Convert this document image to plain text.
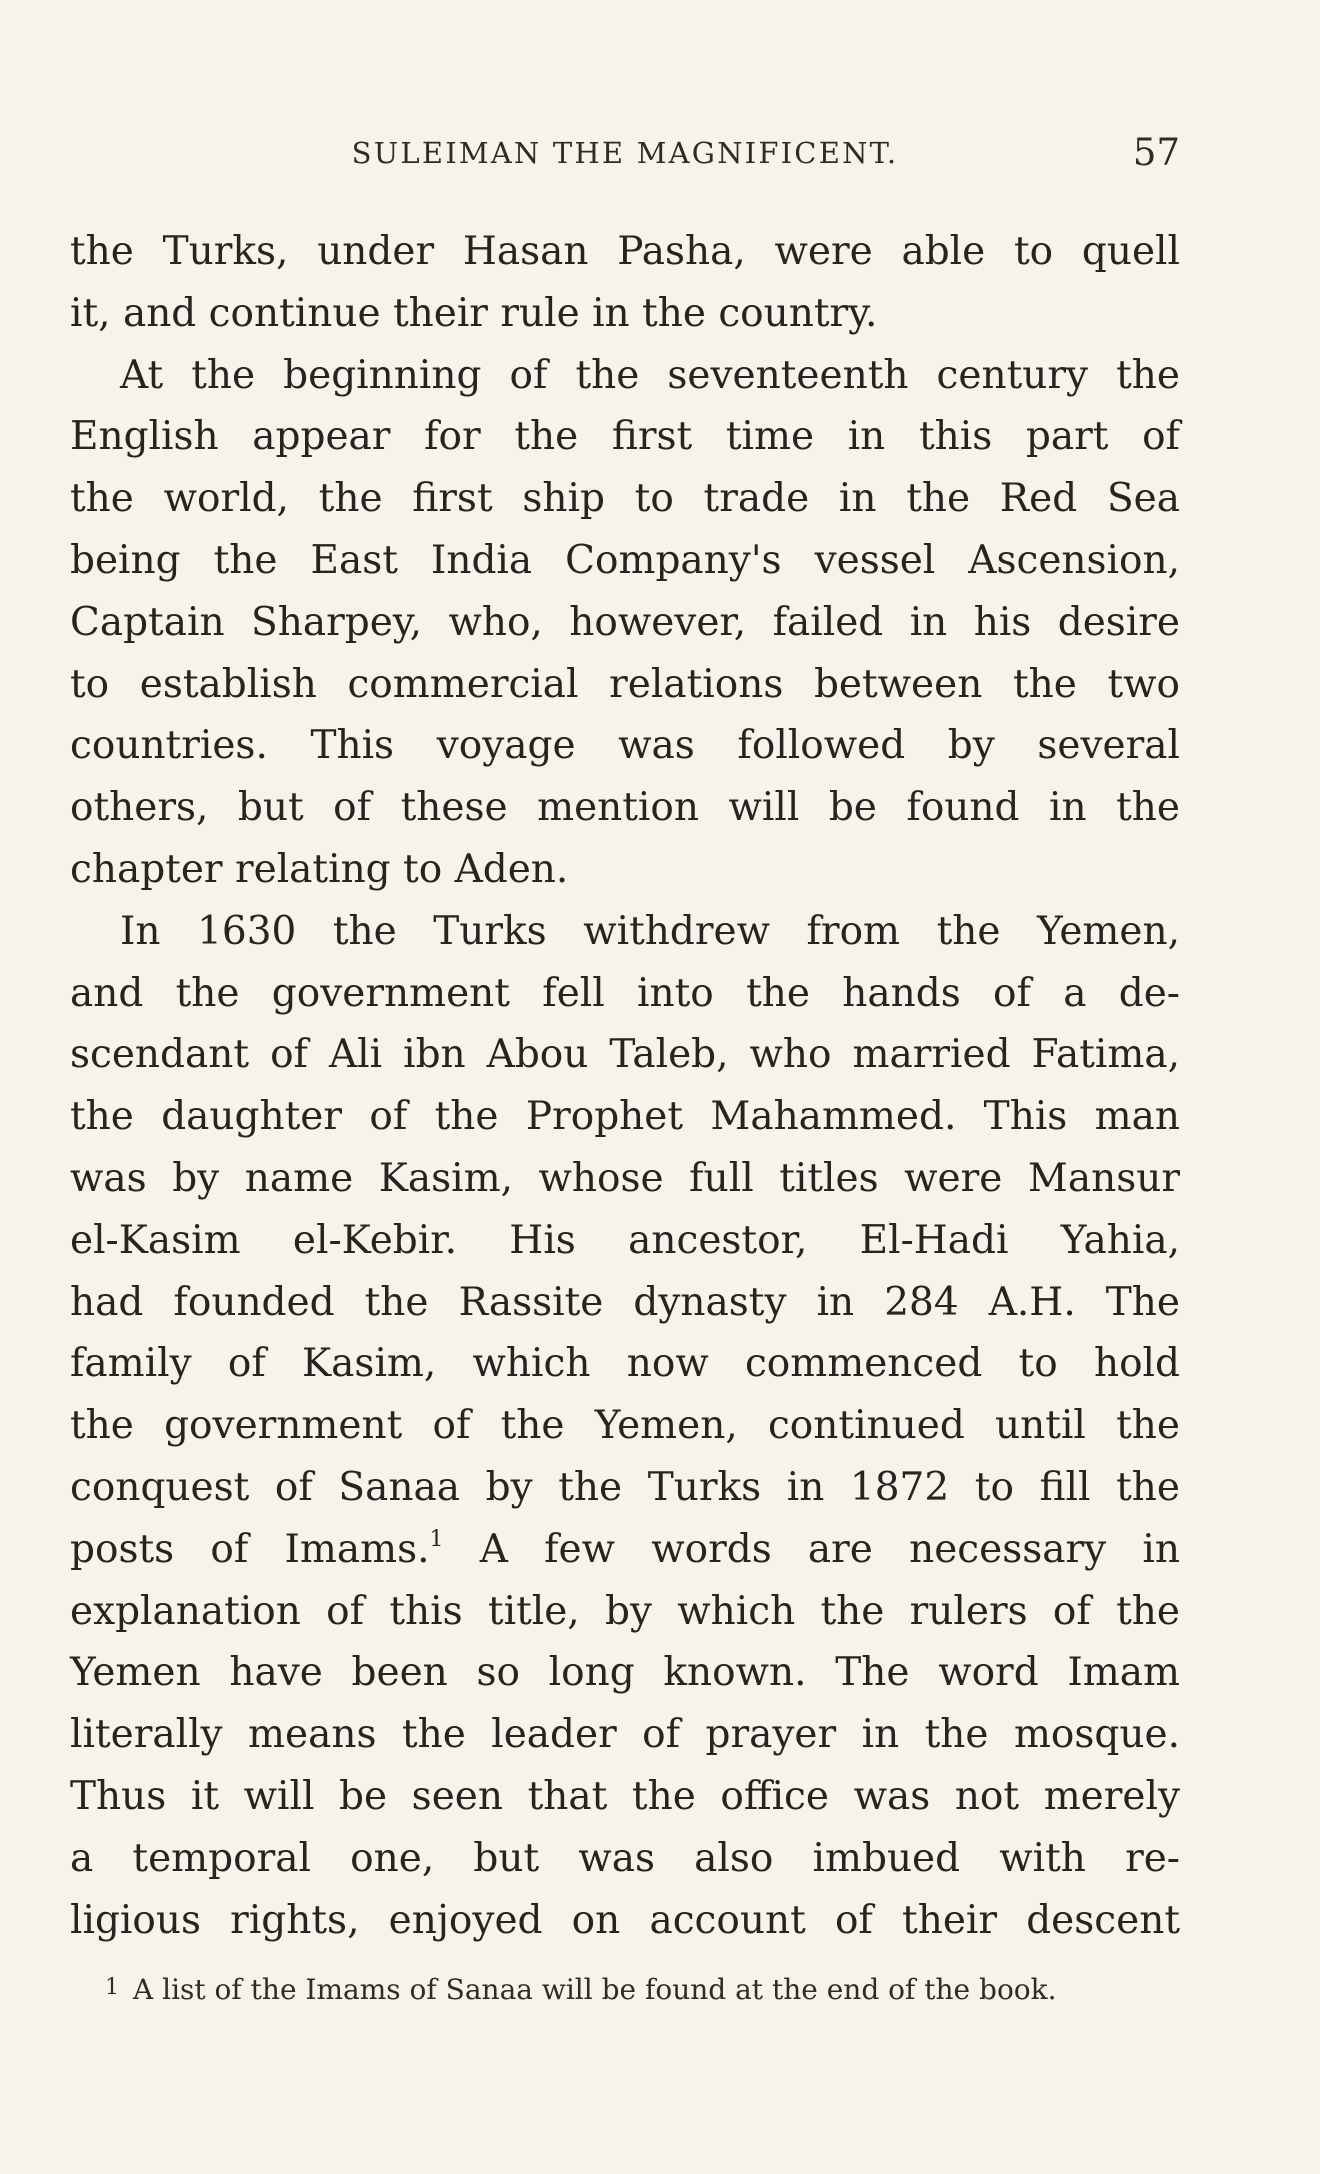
SULEIMAN THE MAGNIFICENT.	57
the Turks, under Hasan Pasha, were able to quell
it, and continue their rule in the country.
At the beginning of the seventeenth century the
English appear for the first time in this part of
the world, the first ship to trade in the Red Sea
being the East India Company's vessel Ascension,
Captain Sharpey, who, however, failed in his desire
to establish commercial relations between the two
countries. This voyage was followed by several
others, but of these mention will be found in the
chapter relating to Aden.
In 1630 the Turks withdrew from the Yemen,
and the government fell into the hands of a de-
scendant of Ali ibn Abou Taleb, who married Fatima,
the daughter of the Prophet Mahammed. This man
was by name Kasim, whose full titles were Mansur
el-Kasim el-Kebir. His ancestor, El-Hadi Yahia,
had founded the Rassite dynasty in 284 A.H. The
family of Kasim, which now commenced to hold
the government of the Yemen, continued until the
conquest of Sanaa by the Turks in 1872 to fill the
posts of Imams.$^1$ A few words are necessary in
explanation of this title, by which the rulers of the
Yemen have been so long known. The word Imam
literally means the leader of prayer in the mosque.
Thus it will be seen that the office was not merely
a temporal one, but was also imbued with re-
ligious rights, enjoyed on account of their descent
1 A list of the Imams of Sanaa will be found at the end of the book.
